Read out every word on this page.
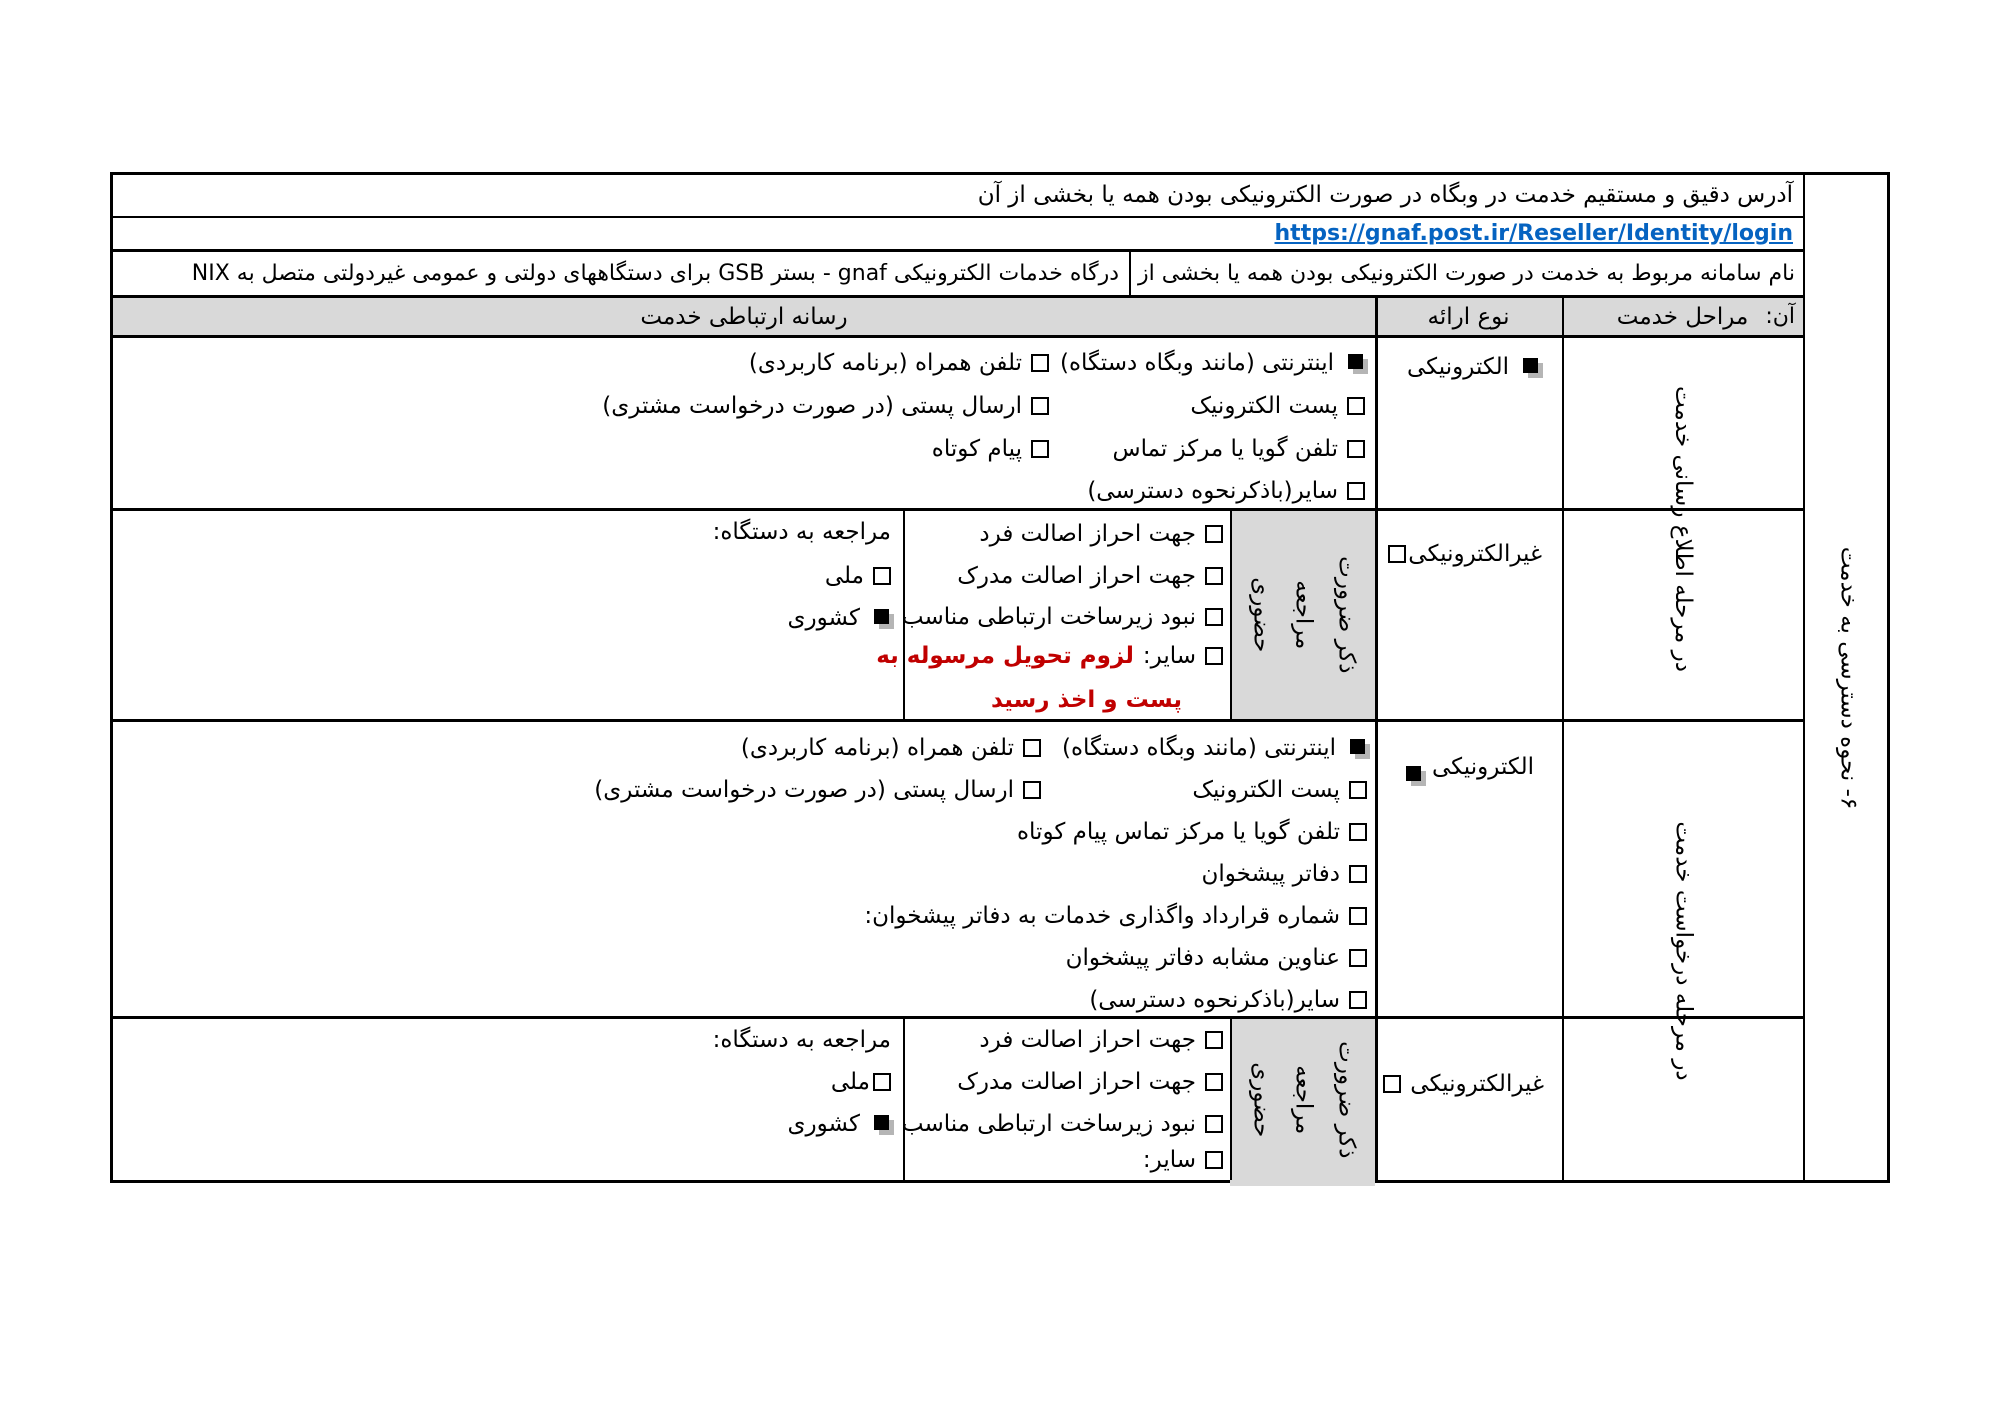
آدرس دقیق و مستقیم خدمت در وبگاه در صورت الکترونیکی بودن همه یا بخشی از آن
https://gnaf.post.ir/Reseller/Identity/login
نام سامانه مربوط به خدمت در صورت الکترونیکی بودن همه یا بخشی از آن:
درگاه خدمات الکترونیکی gnaf - بستر GSB برای دستگاههای دولتی و عمومی غیردولتی متصل به NIX
رسانه ارتباطی خدمت	نوع ارائه	مراحل خدمت
۶- نحوه دسترسی به خدمت
در مرحله اطلاع رسانی خدمت
در مرحله درخواست خدمت
الکترونیکی
اینترنتی (مانند وبگاه دستگاه)
تلفن همراه (برنامه کاربردی)
پست الکترونیک
ارسال پستی (در صورت درخواست مشتری)
تلفن گویا یا مرکز تماس
پیام کوتاه
سایر(باذکرنحوه دسترسی)
غیرالکترونیکی
ذکر ضرورت مراجعه
حضوری
جهت احراز اصالت فرد
جهت احراز اصالت مدرک
نبود زیرساخت ارتباطی مناسب
سایر:
لزوم تحویل مرسوله به
پست و اخذ رسید
مراجعه به دستگاه:
ملی
کشوری
الکترونیکی
اینترنتی (مانند وبگاه دستگاه)
تلفن همراه (برنامه کاربردی)
پست الکترونیک
ارسال پستی (در صورت درخواست مشتری)
تلفن گویا یا مرکز تماس پیام کوتاه
دفاتر پیشخوان
شماره قرارداد واگذاری خدمات به دفاتر پیشخوان:
عناوین مشابه دفاتر پیشخوان
سایر(باذکرنحوه دسترسی)
غیرالکترونیکی
ذکر ضرورت
مراجعه حضوری
جهت احراز اصالت فرد
جهت احراز اصالت مدرک
نبود زیرساخت ارتباطی مناسب
سایر:
مراجعه به دستگاه:
ملی
کشوری
